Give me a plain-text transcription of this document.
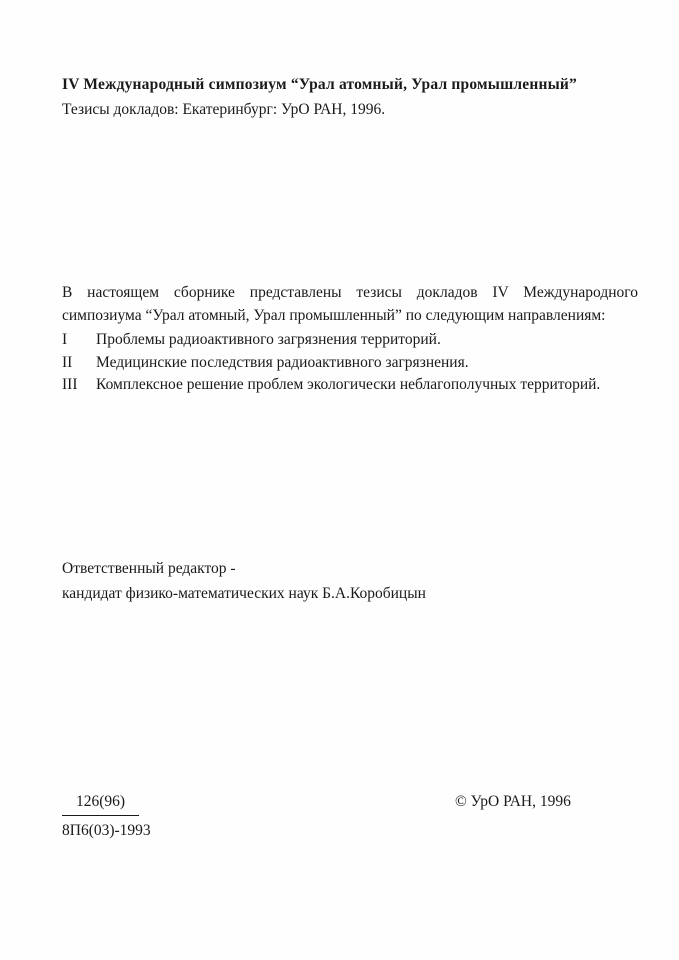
IV Международный симпозиум “Урал атомный, Урал промышленный”
Тезисы докладов: Екатеринбург: УрО РАН, 1996.
В настоящем сборнике представлены тезисы докладов IV Международного симпозиума “Урал атомный, Урал промышленный” по следующим направлениям:
I	Проблемы радиоактивного загрязнения территорий.
II	Медицинские последствия радиоактивного загрязнения.
III	Комплексное решение проблем экологически неблагополучных территорий.
Ответственный редактор -
кандидат физико-математических наук Б.А.Коробицын
126(96)
8П6(03)-1993
© УрО РАН, 1996
